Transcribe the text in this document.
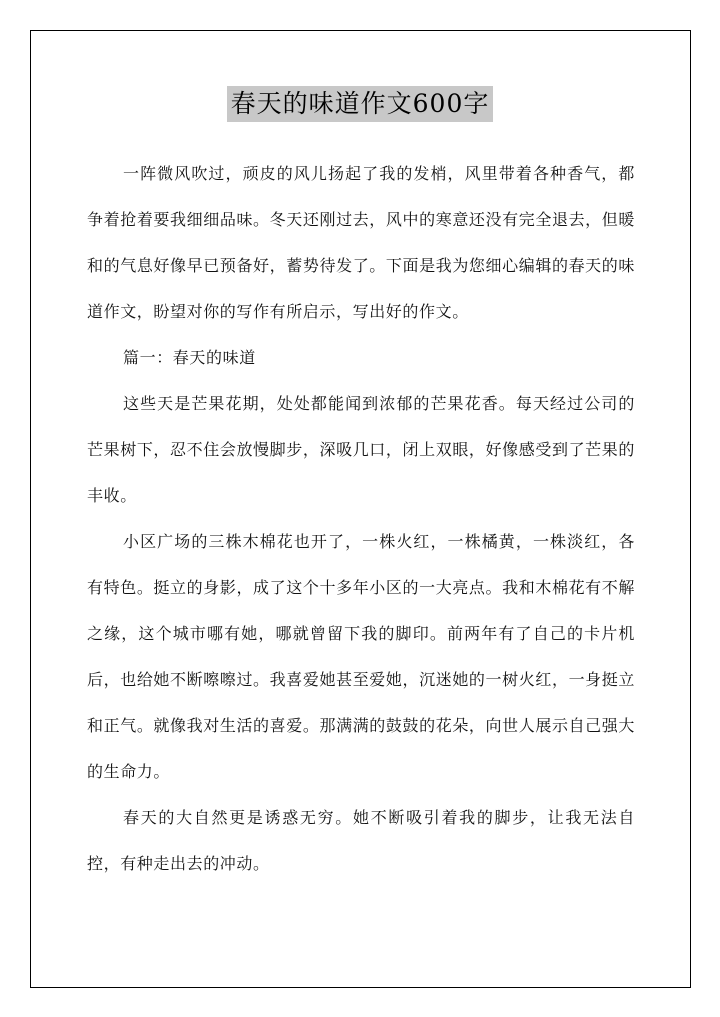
春天的味道作文600字

一阵微风吹过，顽皮的风儿扬起了我的发梢，风里带着各种香气，都争着抢着要我细细品味。冬天还刚过去，风中的寒意还没有完全退去，但暖和的气息好像早已预备好，蓄势待发了。下面是我为您细心编辑的春天的味道作文，盼望对你的写作有所启示，写出好的作文。

篇一：春天的味道

这些天是芒果花期，处处都能闻到浓郁的芒果花香。每天经过公司的芒果树下，忍不住会放慢脚步，深吸几口，闭上双眼，好像感受到了芒果的丰收。

小区广场的三株木棉花也开了，一株火红，一株橘黄，一株淡红，各有特色。挺立的身影，成了这个十多年小区的一大亮点。我和木棉花有不解之缘，这个城市哪有她，哪就曾留下我的脚印。前两年有了自己的卡片机后，也给她不断嚓嚓过。我喜爱她甚至爱她，沉迷她的一树火红，一身挺立和正气。就像我对生活的喜爱。那满满的鼓鼓的花朵，向世人展示自己强大的生命力。

春天的大自然更是诱惑无穷。她不断吸引着我的脚步，让我无法自控，有种走出去的冲动。
